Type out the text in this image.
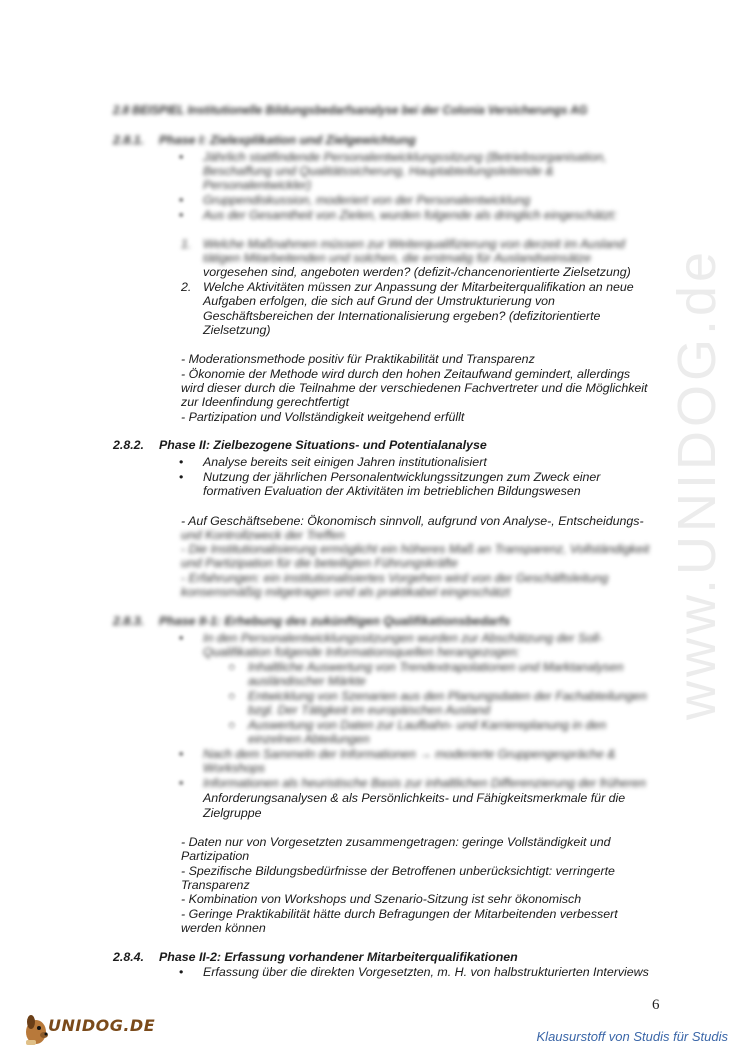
www.UNIDOG.de
2.8 BEISPIEL Institutionelle Bildungsbedarfsanalyse bei der Colonia Versicherungs AG
2.8.1. Phase I: Zielexplikation und Zielgewichtung
• Jährlich stattfindende Personalentwicklungssitzung (Betriebsorganisation,
Beschaffung und Qualitätssicherung, Hauptabteilungsleitende &
Personalentwickler)
• Gruppendiskussion, moderiert von der Personalentwicklung
• Aus der Gesamtheit von Zielen, wurden folgende als dringlich eingeschätzt:
1. Welche Maßnahmen müssen zur Weiterqualifizierung von derzeit im Ausland
tätigen Mitarbeitenden und solchen, die erstmalig für Auslandseinsätze
vorgesehen sind, angeboten werden? (defizit-/chancenorientierte Zielsetzung)
2. Welche Aktivitäten müssen zur Anpassung der Mitarbeiterqualifikation an neue
Aufgaben erfolgen, die sich auf Grund der Umstrukturierung von
Geschäftsbereichen der Internationalisierung ergeben? (defizitorientierte
Zielsetzung)
- Moderationsmethode positiv für Praktikabilität und Transparenz
- Ökonomie der Methode wird durch den hohen Zeitaufwand gemindert, allerdings
wird dieser durch die Teilnahme der verschiedenen Fachvertreter und die Möglichkeit
zur Ideenfindung gerechtfertigt
- Partizipation und Vollständigkeit weitgehend erfüllt
2.8.2. Phase II: Zielbezogene Situations- und Potentialanalyse
• Analyse bereits seit einigen Jahren institutionalisiert
• Nutzung der jährlichen Personalentwicklungssitzungen zum Zweck einer
formativen Evaluation der Aktivitäten im betrieblichen Bildungswesen
- Auf Geschäftsebene: Ökonomisch sinnvoll, aufgrund von Analyse-, Entscheidungs-
und Kontrollzweck der Treffen
- Die Institutionalisierung ermöglicht ein höheres Maß an Transparenz, Vollständigkeit
und Partizipation für die beteiligten Führungskräfte
- Erfahrungen: ein institutionalisiertes Vorgehen wird von der Geschäftsleitung
konsensmäßig mitgetragen und als praktikabel eingeschätzt
2.8.3. Phase II-1: Erhebung des zukünftigen Qualifikationsbedarfs
• In den Personalentwicklungssitzungen wurden zur Abschätzung der Soll-
Qualifikation folgende Informationsquellen herangezogen:
○ Inhaltliche Auswertung von Trendextrapolationen und Marktanalysen
ausländischer Märkte
○ Entwicklung von Szenarien aus den Planungsdaten der Fachabteilungen
bzgl. Der Tätigkeit im europäischen Ausland
○ Auswertung von Daten zur Laufbahn- und Karriereplanung in den
einzelnen Abteilungen
• Nach dem Sammeln der Informationen → moderierte Gruppengespräche &
Workshops
• Informationen als heuristische Basis zur inhaltlichen Differenzierung der früheren
Anforderungsanalysen & als Persönlichkeits- und Fähigkeitsmerkmale für die
Zielgruppe
- Daten nur von Vorgesetzten zusammengetragen: geringe Vollständigkeit und
Partizipation
- Spezifische Bildungsbedürfnisse der Betroffenen unberücksichtigt: verringerte
Transparenz
- Kombination von Workshops und Szenario-Sitzung ist sehr ökonomisch
- Geringe Praktikabilität hätte durch Befragungen der Mitarbeitenden verbessert
werden können
2.8.4. Phase II-2: Erfassung vorhandener Mitarbeiterqualifikationen
• Erfassung über die direkten Vorgesetzten, m. H. von halbstrukturierten Interviews
6
UNIDOG.DE
Klausurstoff von Studis für Studis
